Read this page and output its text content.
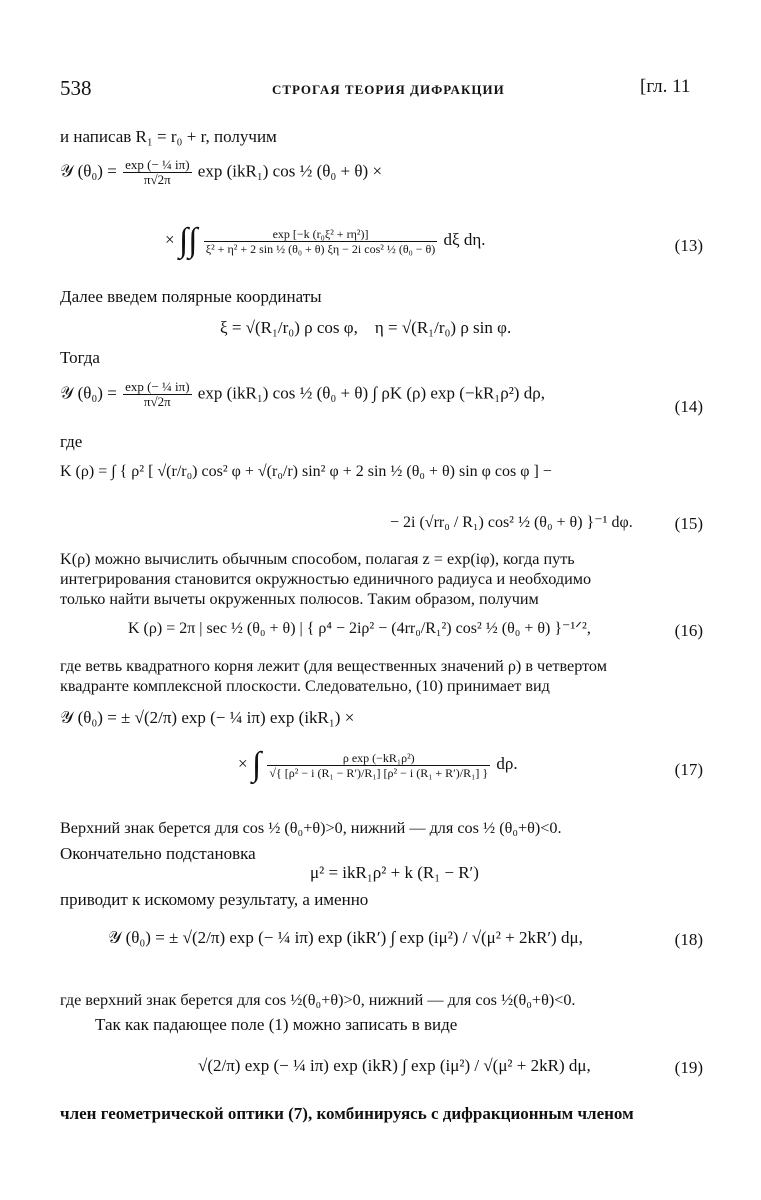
538	СТРОГАЯ ТЕОРИЯ ДИФРАКЦИИ	[гл. 11
и написав R₁ = r₀ + r, получим
𝒴 $(\theta_0) = \frac{\text{exp (− ¼ iπ)}}{\pi√2\pi}$ exp (ikR₁) cos ½ (θ₀ + θ) ×
× ∫∫ $\frac{\text{exp [−k (r₀ξ² + rη²)]}}{\text{ξ² + η² + 2 sin ½ (θ₀ + θ) ξη − 2i cos² ½ (θ₀ − θ)}}$ dξ dη.	(13)
Далее введем полярные координаты
ξ = √(R₁/r₀) ρ cos φ, η = √(R₁/r₀) ρ sin φ.
Тогда
𝒴 $(\theta_0) = \frac{\text{exp (− ¼ iπ)}}{\pi√2\pi}$ exp (ikR₁) cos ½ (θ₀ + θ) ∫ ρK (ρ) exp (−kR₁ρ²) dρ,
(14)
где
K (ρ) = ∫ { ρ² [ √(r/r₀) cos² φ + √(r₀/r) sin² φ + 2 sin ½ (θ₀ + θ) sin φ cos φ ] −
− 2i (√rr₀ / R₁) cos² ½ (θ₀ + θ) }⁻¹ dφ. (15)
K(ρ) можно вычислить обычным способом, полагая z = exp(iφ), когда путь
интегрирования становится окружностью единичного радиуса и необходимо
только найти вычеты окруженных полюсов. Таким образом, получим
K (ρ) = 2π | sec ½ (θ₀ + θ) | { ρ⁴ − 2iρ² − (4rr₀/R₁²) cos² ½ (θ₀ + θ) }⁻¹ᐟ²,	(16)
где ветвь квадратного корня лежит (для вещественных значений ρ) в четвертом
квадранте комплексной плоскости. Следовательно, (10) принимает вид
𝒴 (θ₀) = ± √(2/π) exp (− ¼ iπ) exp (ikR₁) ×
× ∫ $\frac{\text{ρ exp (−kR₁ρ²)}}{\text{√\{ [ρ² − i (R₁ − R′)/R₁] [ρ² − i (R₁ + R′)/R₁] \}}} d\rho$.	(17)
Верхний знак берется для cos ½ (θ₀+θ)>0, нижний — для cos ½ (θ₀+θ)<0.
Окончательно подстановка
μ² = ikR₁ρ² + k (R₁ − R′)
приводит к искомому результату, а именно
𝒴 (θ₀) = ± √(2/π) exp (− ¼ iπ) exp (ikR′) ∫ exp (iμ²) / √(μ² + 2kR′) dμ,	(18)
где верхний знак берется для cos ½(θ₀+θ)>0, нижний — для cos ½(θ₀+θ)<0.
Так как падающее поле (1) можно записать в виде
√(2/π) exp (− ¼ iπ) exp (ikR) ∫ exp (iμ²) / √(μ² + 2kR) dμ,	(19)
член геометрической оптики (7), комбинируясь с дифракционным членом
